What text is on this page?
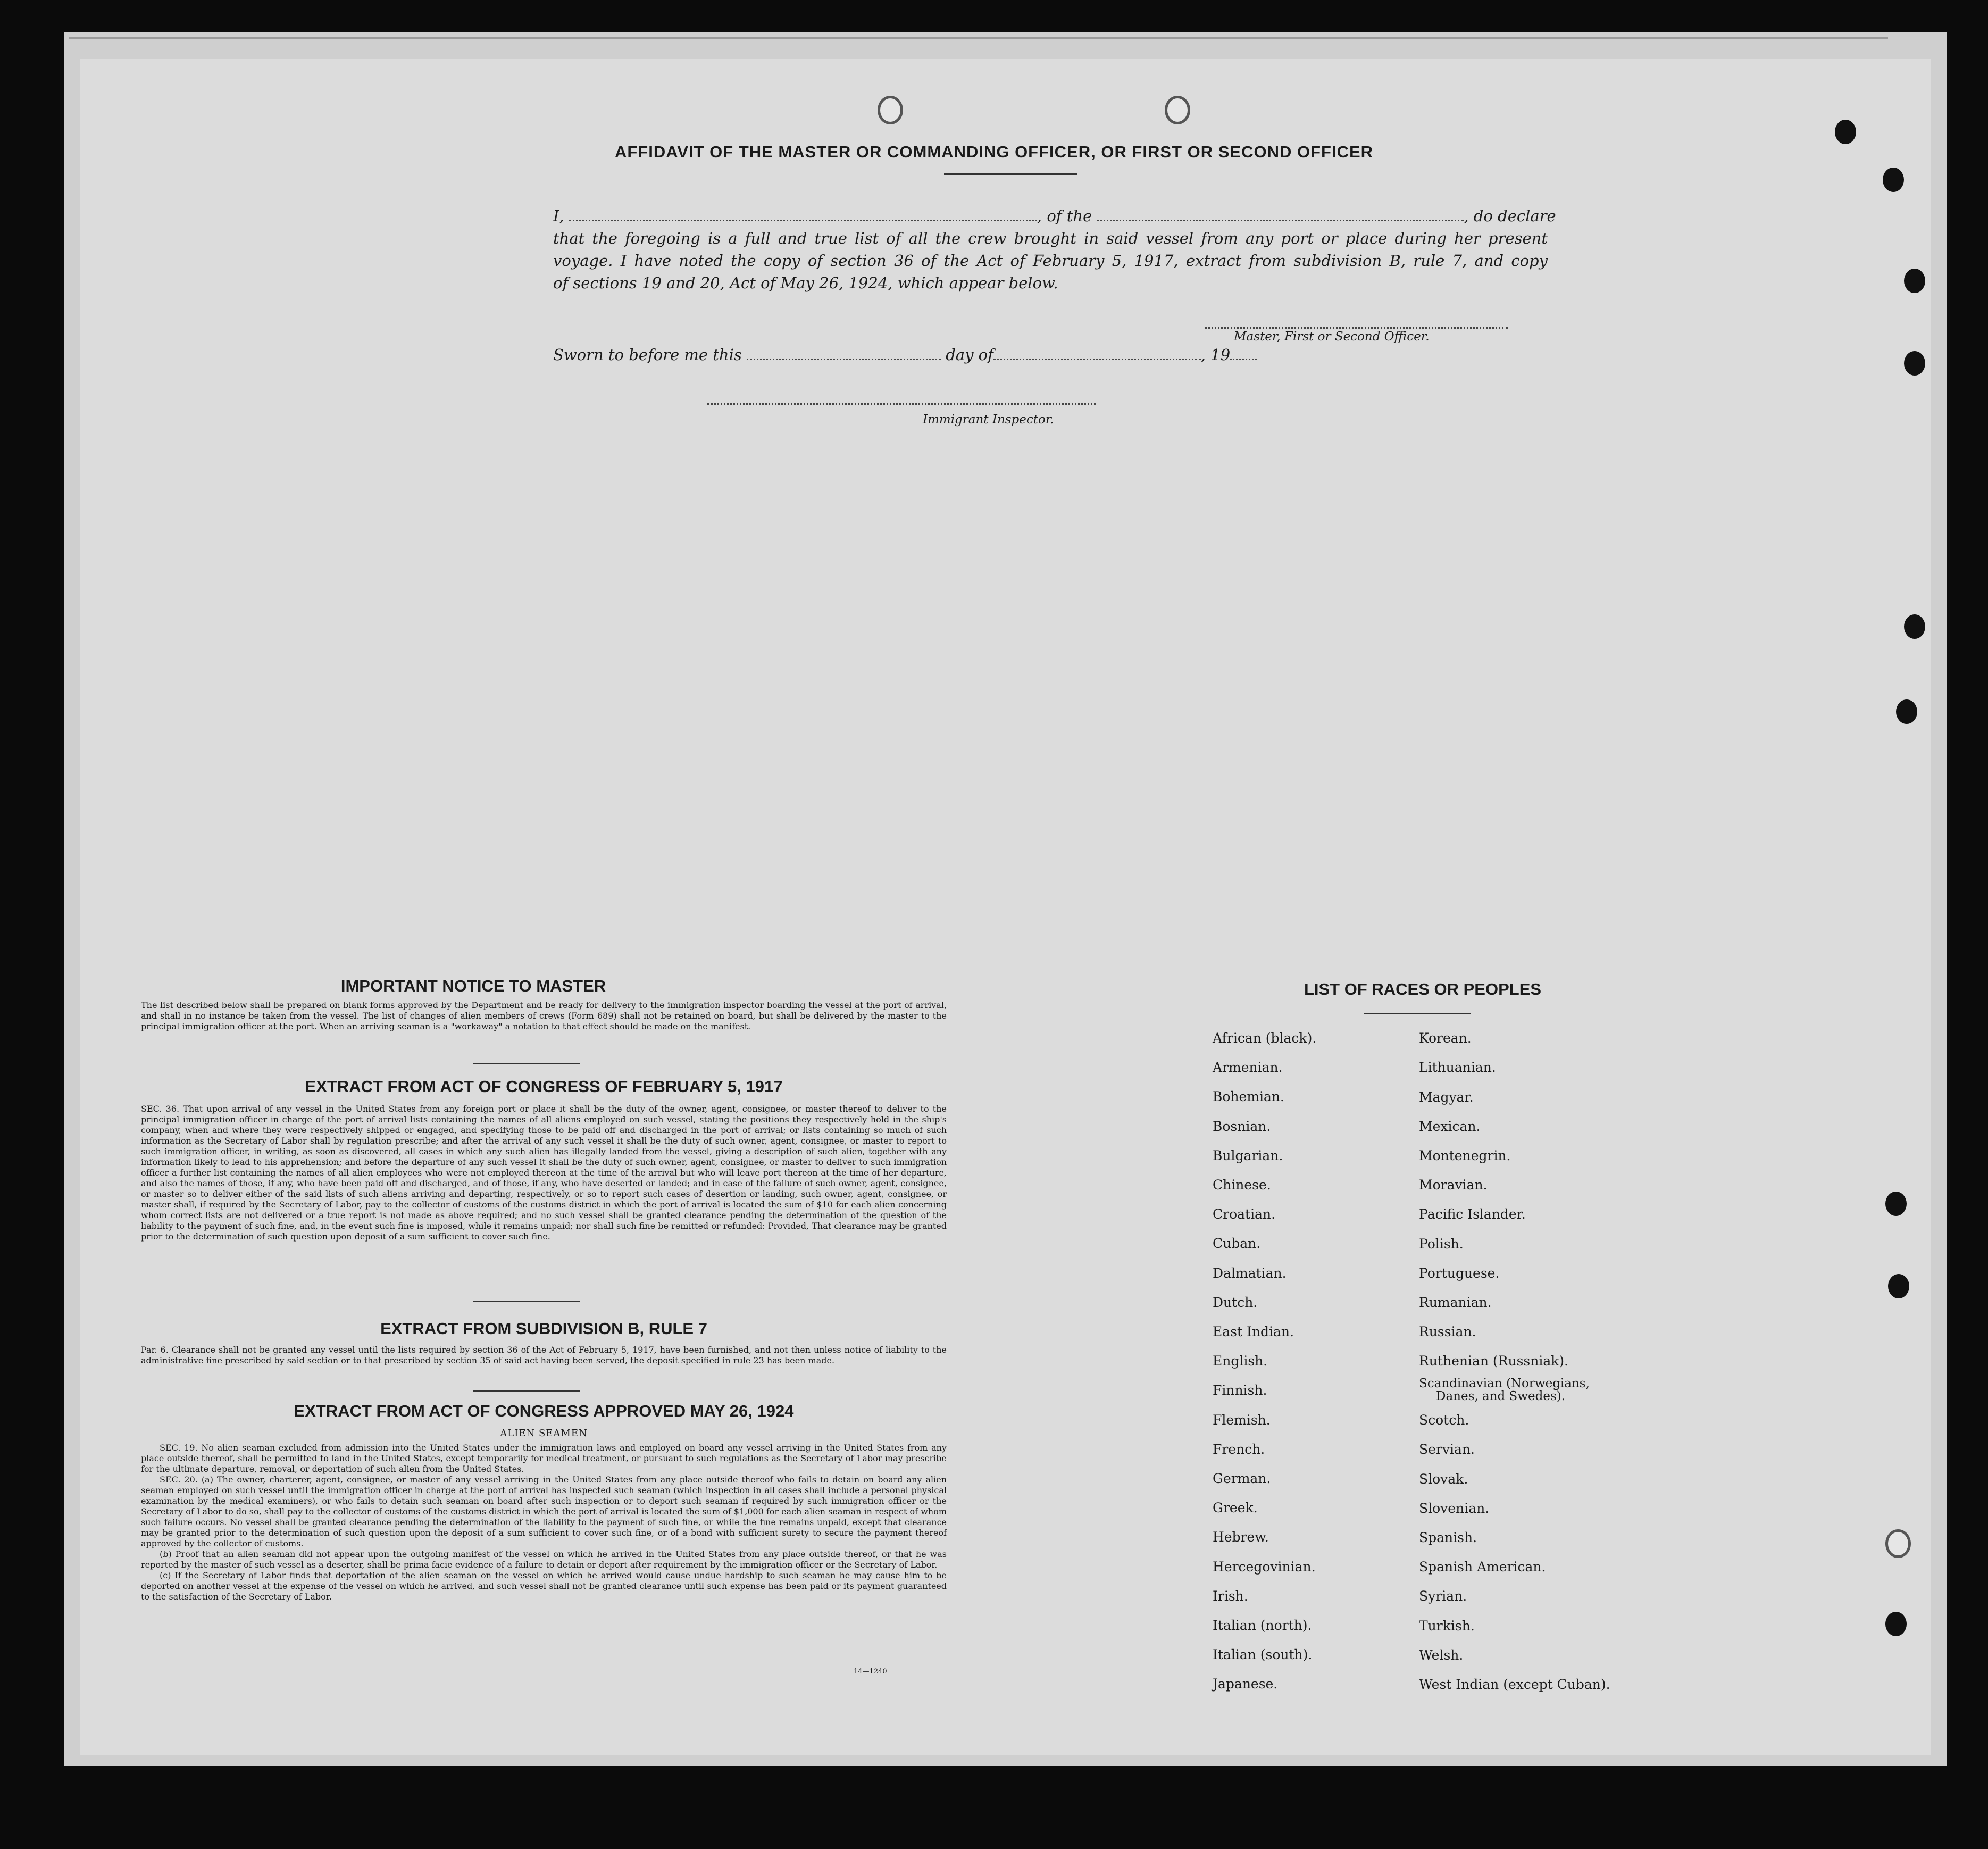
AFFIDAVIT OF THE MASTER OR COMMANDING OFFICER, OR FIRST OR SECOND OFFICER
I,	, of the	, do declare
that the foregoing is a full and true list of all the crew brought in said vessel from any port or place during her present
voyage. I have noted the copy of section 36 of the Act of February 5, 1917, extract from subdivision B, rule 7, and copy
of sections 19 and 20, Act of May 26, 1924, which appear below.
Master, First or Second Officer.
Sworn to before me this	day of	, 19
Immigrant Inspector.
IMPORTANT NOTICE TO MASTER
The list described below shall be prepared on blank forms approved by the Department and be ready for delivery to the immigration inspector boarding the vessel at the port of arrival, and shall in no instance be taken from the vessel. The list of changes of alien members of crews (Form 689) shall not be retained on board, but shall be delivered by the master to the principal immigration officer at the port. When an arriving seaman is a "workaway" a notation to that effect should be made on the manifest.
EXTRACT FROM ACT OF CONGRESS OF FEBRUARY 5, 1917
SEC. 36. That upon arrival of any vessel in the United States from any foreign port or place it shall be the duty of the owner, agent, consignee, or master thereof to deliver to the principal immigration officer in charge of the port of arrival lists containing the names of all aliens employed on such vessel, stating the positions they respectively hold in the ship's company, when and where they were respectively shipped or engaged, and specifying those to be paid off and discharged in the port of arrival; or lists containing so much of such information as the Secretary of Labor shall by regulation prescribe; and after the arrival of any such vessel it shall be the duty of such owner, agent, consignee, or master to report to such immigration officer, in writing, as soon as discovered, all cases in which any such alien has illegally landed from the vessel, giving a description of such alien, together with any information likely to lead to his apprehension; and before the departure of any such vessel it shall be the duty of such owner, agent, consignee, or master to deliver to such immigration officer a further list containing the names of all alien employees who were not employed thereon at the time of the arrival but who will leave port thereon at the time of her departure, and also the names of those, if any, who have been paid off and discharged, and of those, if any, who have deserted or landed; and in case of the failure of such owner, agent, consignee, or master so to deliver either of the said lists of such aliens arriving and departing, respectively, or so to report such cases of desertion or landing, such owner, agent, consignee, or master shall, if required by the Secretary of Labor, pay to the collector of customs of the customs district in which the port of arrival is located the sum of $10 for each alien concerning whom correct lists are not delivered or a true report is not made as above required; and no such vessel shall be granted clearance pending the determination of the question of the liability to the payment of such fine, and, in the event such fine is imposed, while it remains unpaid; nor shall such fine be remitted or refunded: Provided, That clearance may be granted prior to the determination of such question upon deposit of a sum sufficient to cover such fine.
EXTRACT FROM SUBDIVISION B, RULE 7
Par. 6. Clearance shall not be granted any vessel until the lists required by section 36 of the Act of February 5, 1917, have been furnished, and not then unless notice of liability to the administrative fine prescribed by said section or to that prescribed by section 35 of said act having been served, the deposit specified in rule 23 has been made.
EXTRACT FROM ACT OF CONGRESS APPROVED MAY 26, 1924
ALIEN SEAMEN
SEC. 19. No alien seaman excluded from admission into the United States under the immigration laws and employed on board any vessel arriving in the United States from any place outside thereof, shall be permitted to land in the United States, except temporarily for medical treatment, or pursuant to such regulations as the Secretary of Labor may prescribe for the ultimate departure, removal, or deportation of such alien from the United States.
SEC. 20. (a) The owner, charterer, agent, consignee, or master of any vessel arriving in the United States from any place outside thereof who fails to detain on board any alien seaman employed on such vessel until the immigration officer in charge at the port of arrival has inspected such seaman (which inspection in all cases shall include a personal physical examination by the medical examiners), or who fails to detain such seaman on board after such inspection or to deport such seaman if required by such immigration officer or the Secretary of Labor to do so, shall pay to the collector of customs of the customs district in which the port of arrival is located the sum of $1,000 for each alien seaman in respect of whom such failure occurs. No vessel shall be granted clearance pending the determination of the liability to the payment of such fine, or while the fine remains unpaid, except that clearance may be granted prior to the determination of such question upon the deposit of a sum sufficient to cover such fine, or of a bond with sufficient surety to secure the payment thereof approved by the collector of customs.
(b) Proof that an alien seaman did not appear upon the outgoing manifest of the vessel on which he arrived in the United States from any place outside thereof, or that he was reported by the master of such vessel as a deserter, shall be prima facie evidence of a failure to detain or deport after requirement by the immigration officer or the Secretary of Labor.
(c) If the Secretary of Labor finds that deportation of the alien seaman on the vessel on which he arrived would cause undue hardship to such seaman he may cause him to be deported on another vessel at the expense of the vessel on which he arrived, and such vessel shall not be granted clearance until such expense has been paid or its payment guaranteed to the satisfaction of the Secretary of Labor.
14—1240
LIST OF RACES OR PEOPLES
African (black).
Armenian.
Bohemian.
Bosnian.
Bulgarian.
Chinese.
Croatian.
Cuban.
Dalmatian.
Dutch.
East Indian.
English.
Finnish.
Flemish.
French.
German.
Greek.
Hebrew.
Hercegovinian.
Irish.
Italian (north).
Italian (south).
Japanese.
Korean.
Lithuanian.
Magyar.
Mexican.
Montenegrin.
Moravian.
Pacific Islander.
Polish.
Portuguese.
Rumanian.
Russian.
Ruthenian (Russniak).
Scandinavian (Norwegians,
Danes, and Swedes).
Scotch.
Servian.
Slovak.
Slovenian.
Spanish.
Spanish American.
Syrian.
Turkish.
Welsh.
West Indian (except Cuban).
